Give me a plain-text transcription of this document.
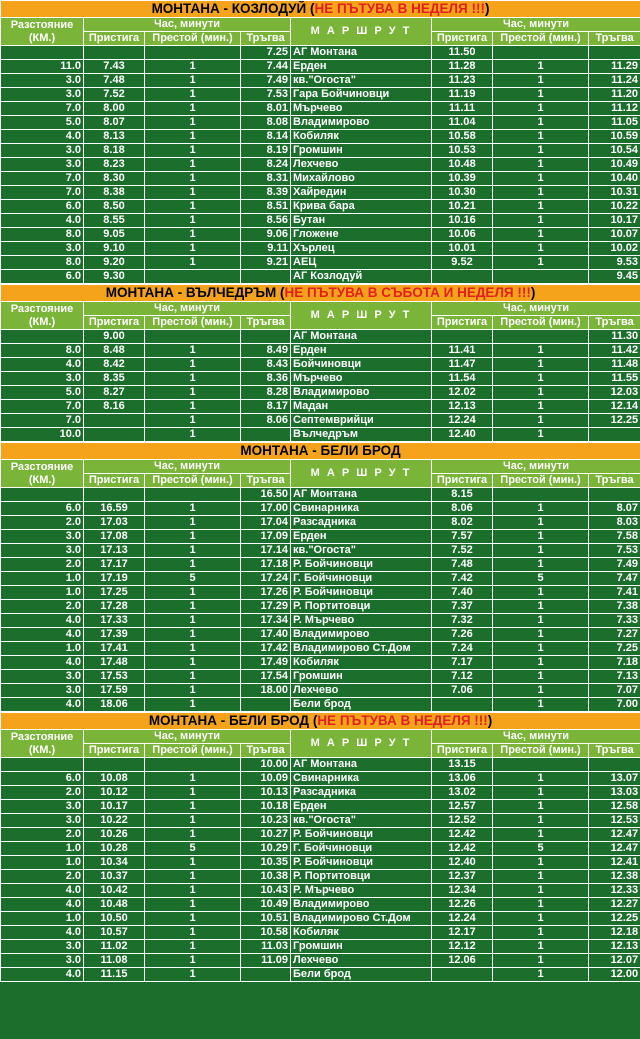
МОНТАНА - КОЗЛОДУЙ (НЕ ПЪТУВА В НЕДЕЛЯ !!!)							
Разстояние (КМ.)	Час, минути			М А Р Ш Р У Т	Час, минути		
	Пристига	Престой (мин.)	Тръгва		Пристига	Престой (мин.)	Тръгва
			7.25	АГ Монтана	11.50		
11.0	7.43	1	7.44	Ерден	11.28	1	11.29
3.0	7.48	1	7.49	кв."Огоста"	11.23	1	11.24
3.0	7.52	1	7.53	Гара Бойчиновци	11.19	1	11.20
7.0	8.00	1	8.01	Мърчево	11.11	1	11.12
5.0	8.07	1	8.08	Владимирово	11.04	1	11.05
4.0	8.13	1	8.14	Кобиляк	10.58	1	10.59
3.0	8.18	1	8.19	Громшин	10.53	1	10.54
3.0	8.23	1	8.24	Лехчево	10.48	1	10.49
7.0	8.30	1	8.31	Михайлово	10.39	1	10.40
7.0	8.38	1	8.39	Хайредин	10.30	1	10.31
6.0	8.50	1	8.51	Крива бара	10.21	1	10.22
4.0	8.55	1	8.56	Бутан	10.16	1	10.17
8.0	9.05	1	9.06	Гложене	10.06	1	10.07
3.0	9.10	1	9.11	Хърлец	10.01	1	10.02
8.0	9.20	1	9.21	АЕЦ	9.52	1	9.53
6.0	9.30			АГ Козлодуй			9.45
МОНТАНА - ВЪЛЧЕДРЪМ (НЕ ПЪТУВА В СЪБОТА И НЕДЕЛЯ !!!)							
Разстояние (КМ.)	Час, минути			М А Р Ш Р У Т	Час, минути		
	Пристига	Престой (мин.)	Тръгва		Пристига	Престой (мин.)	Тръгва
	9.00			АГ Монтана			11.30
8.0	8.48	1	8.49	Ерден	11.41	1	11.42
4.0	8.42	1	8.43	Бойчиновци	11.47	1	11.48
3.0	8.35	1	8.36	Мърчево	11.54	1	11.55
5.0	8.27	1	8.28	Владимирово	12.02	1	12.03
7.0	8.16	1	8.17	Мадан	12.13	1	12.14
7.0		1	8.06	Септемврийци	12.24	1	12.25
10.0		1		Вълчедръм	12.40	1	
МОНТАНА - БЕЛИ БРОД							
Разстояние (КМ.)	Час, минути			М А Р Ш Р У Т	Час, минути		
	Пристига	Престой (мин.)	Тръгва		Пристига	Престой (мин.)	Тръгва
			16.50	АГ Монтана	8.15		
6.0	16.59	1	17.00	Свинарника	8.06	1	8.07
2.0	17.03	1	17.04	Разсадника	8.02	1	8.03
3.0	17.08	1	17.09	Ерден	7.57	1	7.58
3.0	17.13	1	17.14	кв."Огоста"	7.52	1	7.53
2.0	17.17	1	17.18	Р. Бойчиновци	7.48	1	7.49
1.0	17.19	5	17.24	Г. Бойчиновци	7.42	5	7.47
1.0	17.25	1	17.26	Р. Бойчиновци	7.40	1	7.41
2.0	17.28	1	17.29	Р. Портитовци	7.37	1	7.38
4.0	17.33	1	17.34	Р. Мърчево	7.32	1	7.33
4.0	17.39	1	17.40	Владимирово	7.26	1	7.27
1.0	17.41	1	17.42	Владимирово Ст.Дом	7.24	1	7.25
4.0	17.48	1	17.49	Кобиляк	7.17	1	7.18
3.0	17.53	1	17.54	Громшин	7.12	1	7.13
3.0	17.59	1	18.00	Лехчево	7.06	1	7.07
4.0	18.06	1		Бели брод		1	7.00
МОНТАНА - БЕЛИ БРОД (НЕ ПЪТУВА В НЕДЕЛЯ !!!)							
Разстояние (КМ.)	Час, минути			М А Р Ш Р У Т	Час, минути		
	Пристига	Престой (мин.)	Тръгва		Пристига	Престой (мин.)	Тръгва
			10.00	АГ Монтана	13.15		
6.0	10.08	1	10.09	Свинарника	13.06	1	13.07
2.0	10.12	1	10.13	Разсадника	13.02	1	13.03
3.0	10.17	1	10.18	Ерден	12.57	1	12.58
3.0	10.22	1	10.23	кв."Огоста"	12.52	1	12.53
2.0	10.26	1	10.27	Р. Бойчиновци	12.42	1	12.47
1.0	10.28	5	10.29	Г. Бойчиновци	12.42	5	12.47
1.0	10.34	1	10.35	Р. Бойчиновци	12.40	1	12.41
2.0	10.37	1	10.38	Р. Портитовци	12.37	1	12.38
4.0	10.42	1	10.43	Р. Мърчево	12.34	1	12.33
4.0	10.48	1	10.49	Владимирово	12.26	1	12.27
1.0	10.50	1	10.51	Владимирово Ст.Дом	12.24	1	12.25
4.0	10.57	1	10.58	Кобиляк	12.17	1	12.18
3.0	11.02	1	11.03	Громшин	12.12	1	12.13
3.0	11.08	1	11.09	Лехчево	12.06	1	12.07
4.0	11.15	1		Бели брод		1	12.00
